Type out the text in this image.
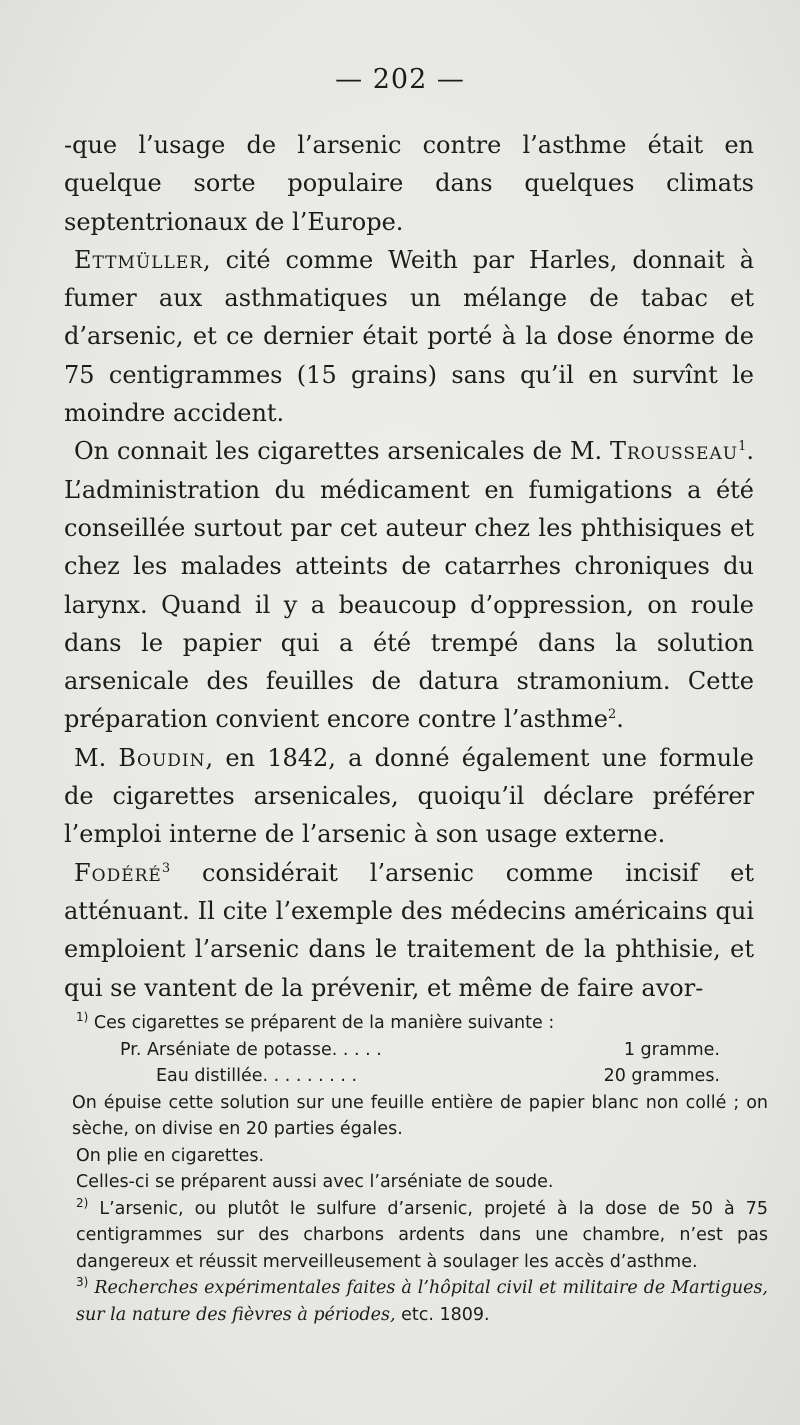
— 202 —

-que l’usage de l’arsenic contre l’asthme était en quelque sorte populaire dans quelques climats septentrionaux de l’Europe.

Ettmüller, cité comme Weith par Harles, donnait à fumer aux asthmatiques un mélange de tabac et d’arsenic, et ce dernier était porté à la dose énorme de 75 centigrammes (15 grains) sans qu’il en survînt le moindre accident.

On connait les cigarettes arsenicales de M. Trousseau$^1$. L’administration du médicament en fumigations a été conseillée surtout par cet auteur chez les phthisiques et chez les malades atteints de catarrhes chroniques du larynx. Quand il y a beaucoup d’oppression, on roule dans le papier qui a été trempé dans la solution arsenicale des feuilles de datura stramonium. Cette préparation convient encore contre l’asthme$^2$.

M. Boudin, en 1842, a donné également une formule de cigarettes arsenicales, quoiqu’il déclare préférer l’emploi interne de l’arsenic à son usage externe.

Fodéré$^3$ considérait l’arsenic comme incisif et atténuant. Il cite l’exemple des médecins américains qui emploient l’arsenic dans le traitement de la phthisie, et qui se vantent de la prévenir, et même de faire avor-

$^{1)}$ Ces cigarettes se préparent de la manière suivante :

Pr. Arséniate de potasse. . . . .	1 gramme.
Eau distillée. . . . . . . . .	20 grammes.

On épuise cette solution sur une feuille entière de papier blanc non collé ; on sèche, on divise en 20 parties égales.

On plie en cigarettes.

Celles-ci se préparent aussi avec l’arséniate de soude.

$^{2)}$ L’arsenic, ou plutôt le sulfure d’arsenic, projeté à la dose de 50 à 75 centigrammes sur des charbons ardents dans une chambre, n’est pas dangereux et réussit merveilleusement à soulager les accès d’asthme.

$^{3)}$ Recherches expérimentales faites à l’hôpital civil et militaire de Martigues, sur la nature des fièvres à périodes, etc. 1809.
